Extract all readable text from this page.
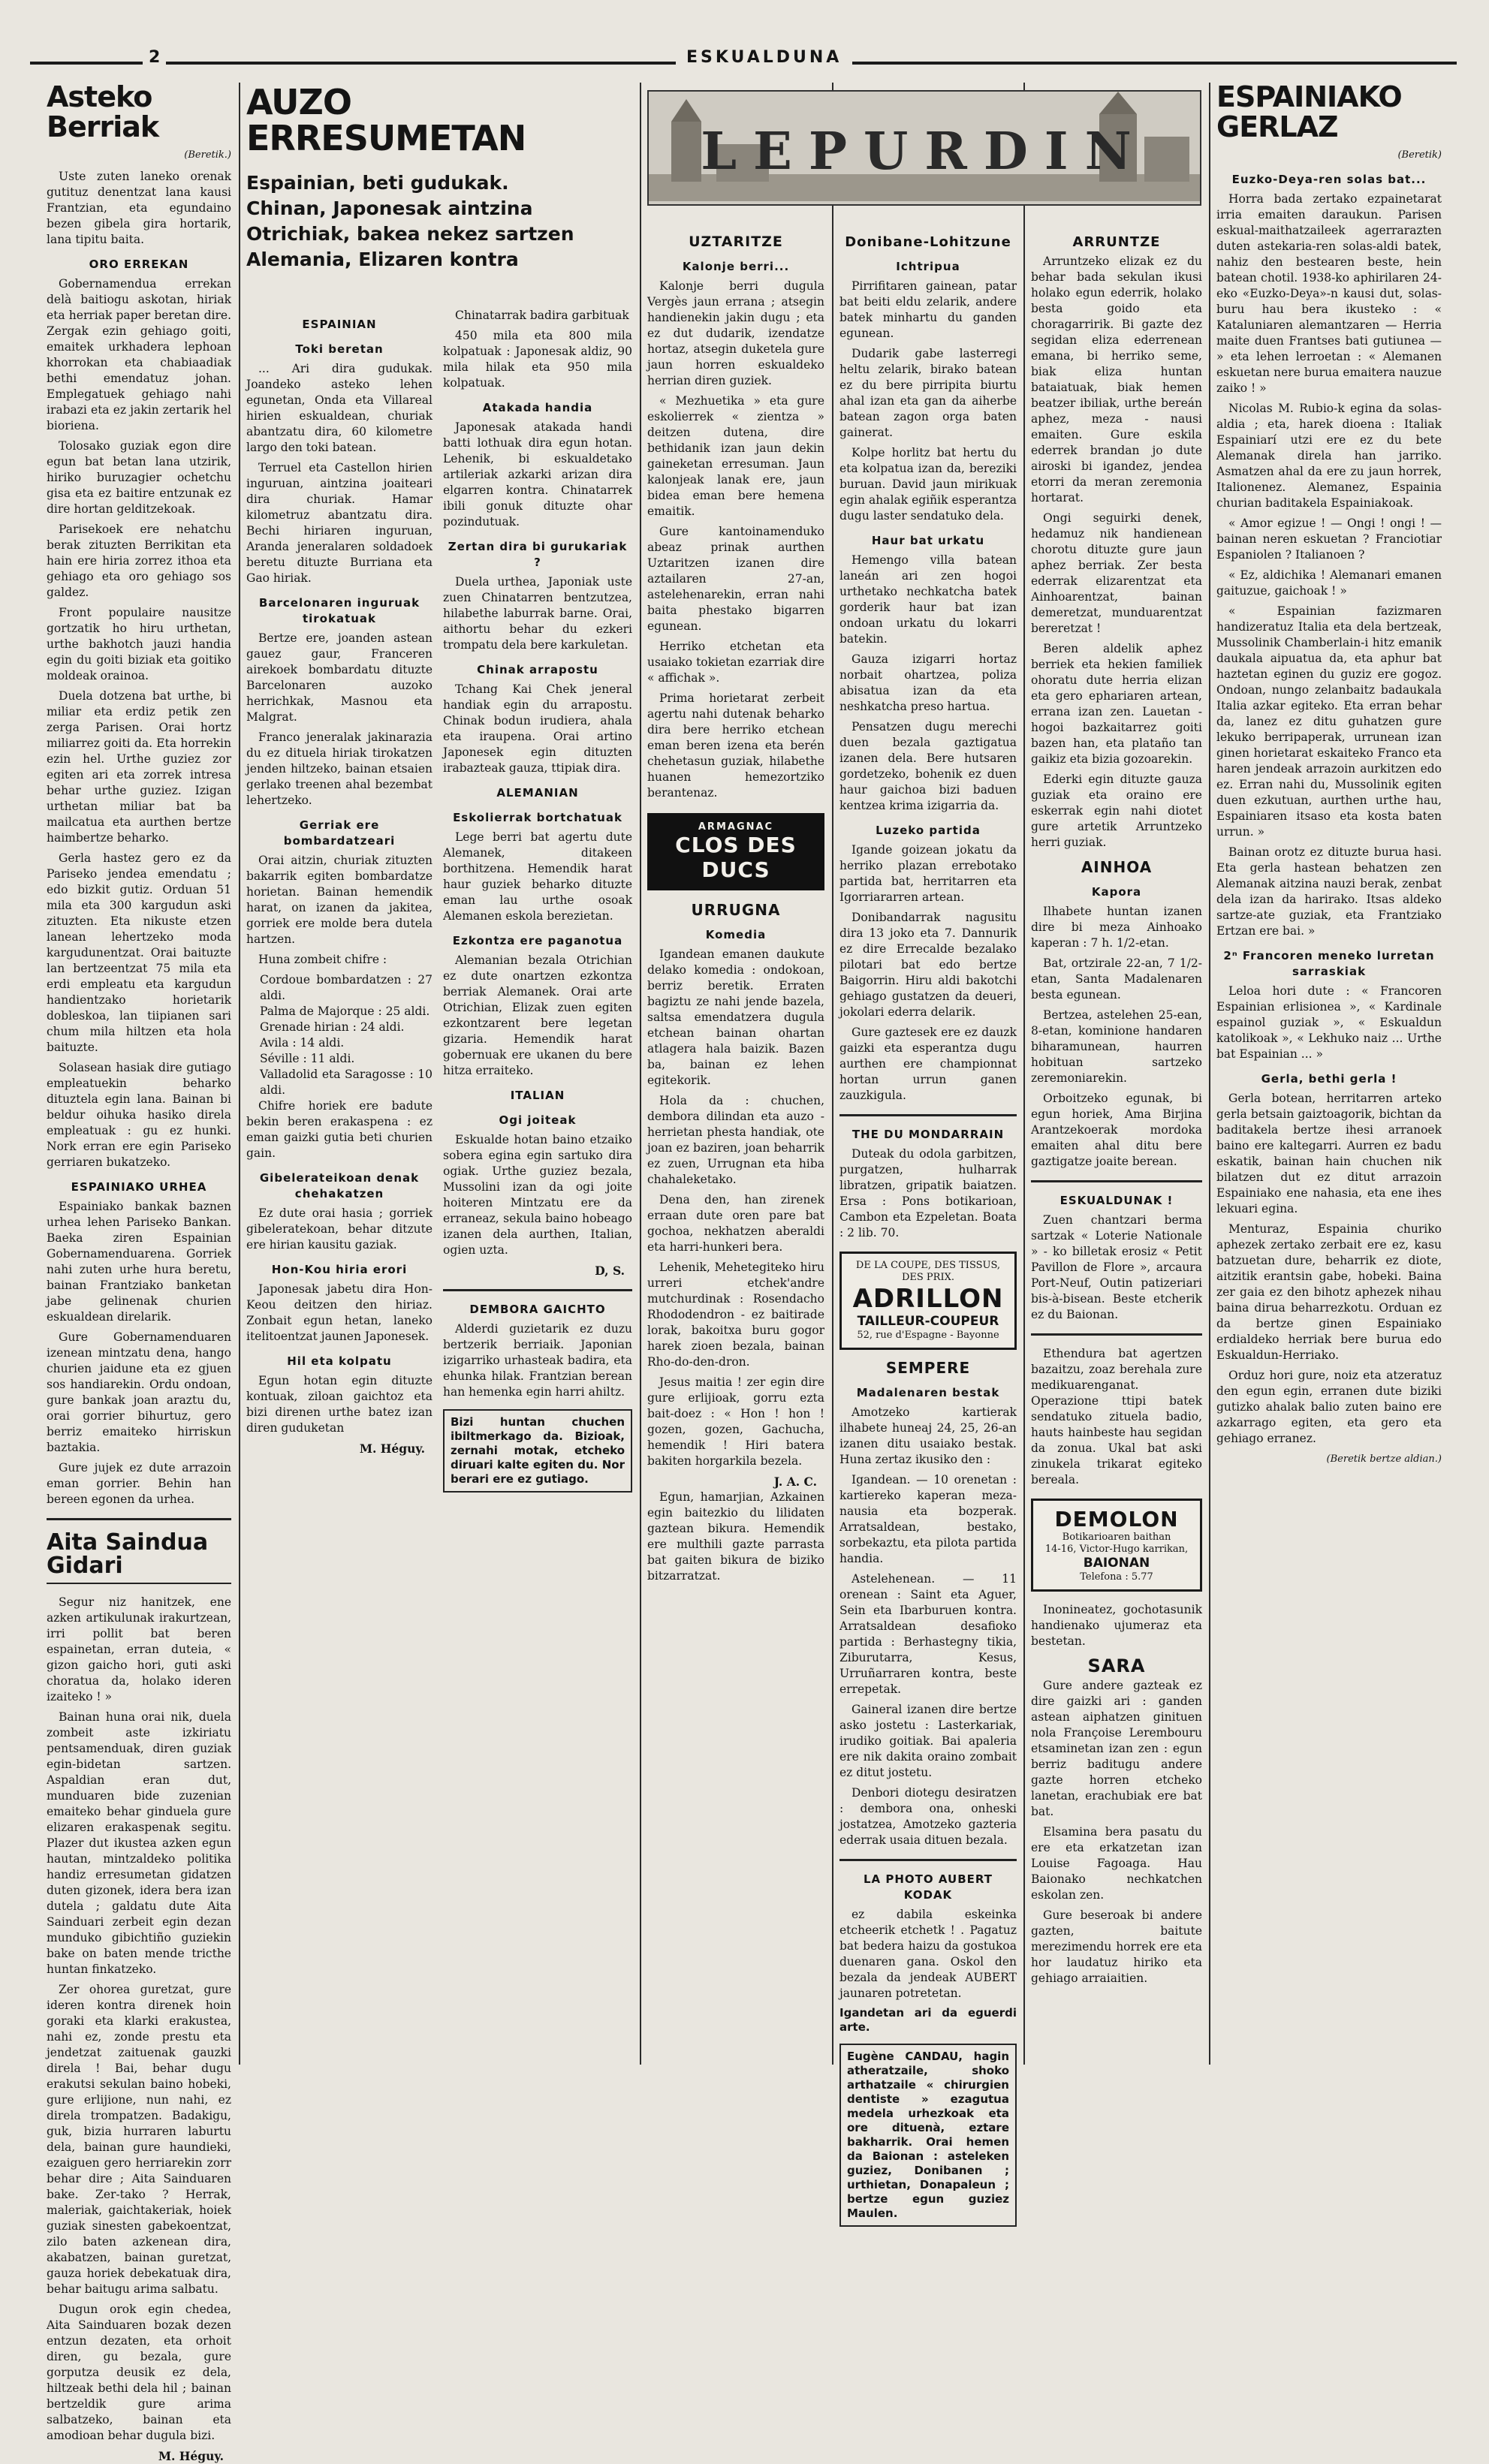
2	ESKUALDUNA
Asteko Berriak
(Beretik.)

Uste zuten laneko orenak gutituz denentzat lana kausi Frantzian, eta egundaino bezen gibela gira hortarik, lana tipitu baita.

ORO ERREKAN

Gobernamendua errekan delà baitiogu askotan, hiriak eta herriak paper beretan dire. Zergak ezin gehiago goiti, emaitek urkhadera lephoan khorrokan eta chabiaadiak bethi emendatuz johan. Emplegatuek gehiago nahi irabazi eta ez jakin zertarik hel bioriena.

Tolosako guziak egon dire egun bat betan lana utzirik, hiriko buruzagier ochetchu gisa eta ez baitire entzunak ez dire hortan gelditzekoak.

Parisekoek ere nehatchu berak zituzten Berrikitan eta hain ere hiria zorrez ithoa eta gehiago eta oro gehiago sos galdez.

Front populaire nausitze gortzatik ho hiru urthetan, urthe bakhotch jauzi handia egin du goiti biziak eta goitiko moldeak orainoa.

Duela dotzena bat urthe, bi miliar eta erdiz petik zen zerga Parisen. Orai hortz miliarrez goiti da. Eta horrekin ezin hel. Urthe guziez zor egiten ari eta zorrek intresa behar urthe guziez. Izigan urthetan miliar bat ba mailcatua eta aurthen bertze haimbertze beharko.

Gerla hastez gero ez da Pariseko jendea emendatu ; edo bizkit gutiz. Orduan 51 mila eta 300 kargudun aski zituzten. Eta nikuste etzen lanean lehertzeko moda kargudunentzat. Orai baituzte lan bertzeentzat 75 mila eta erdi empleatu eta kargudun handientzako horietarik dobleskoa, lan tiipianen sari chum mila hiltzen eta hola baituzte.

Solasean hasiak dire gutiago empleatuekin beharko dituztela egin lana. Bainan bi beldur oihuka hasiko direla empleatuak : gu ez hunki. Nork erran ere egin Pariseko gerriaren bukatzeko.

ESPAINIAKO URHEA

Espainiako bankak baznen urhea lehen Pariseko Bankan. Baeka ziren Espainian Gobernamenduarena. Gorriek nahi zuten urhe hura beretu, bainan Frantziako banketan jabe gelinenak churien eskualdean direlarik.

Gure Gobernamenduaren izenean mintzatu dena, hango churien jaidune eta ez gjuen sos handiarekin. Ordu ondoan, gure bankak joan araztu du, orai gorrier bihurtuz, gero berriz emaiteko hirriskun baztakia.

Gure jujek ez dute arrazoin eman gorrier. Behin han bereen egonen da urhea.

Aita Saindua Gidari

Segur niz hanitzek, ene azken artikulunak irakurtzean, irri pollit bat beren espainetan, erran duteia, « gizon gaicho hori, guti aski choratua da, holako ideren izaiteko ! »

Bainan huna orai nik, duela zombeit aste izkiriatu pentsamenduak, diren guziak egin-bidetan sartzen. Aspaldian eran dut, munduaren bide zuzenian emaiteko behar ginduela gure elizaren erakaspenak segitu. Plazer dut ikustea azken egun hautan, mintzaldeko politika handiz erresumetan gidatzen duten gizonek, idera bera izan dutela ; galdatu dute Aita Sainduari zerbeit egin dezan munduko gibichtiño guziekin bake on baten mende tricthe huntan finkatzeko.

Zer ohorea guretzat, gure ideren kontra direnek hoin goraki eta klarki erakustea, nahi ez, zonde prestu eta jendetzat zaituenak gauzki direla ! Bai, behar dugu erakutsi sekulan baino hobeki, gure erlijione, nun nahi, ez direla trompatzen. Badakigu, guk, bizia hurraren laburtu dela, bainan gure haundieki, ezaiguen gero herriarekin zorr behar dire ; Aita Sainduaren bake. Zer-tako ? Herrak, maleriak, gaichtakeriak, hoiek guziak sinesten gabekoentzat, zilo baten azkenean dira, akabatzen, bainan guretzat, gauza horiek debekatuak dira, behar baitugu arima salbatu.

Dugun orok egin chedea, Aita Sainduaren bozak dezen entzun dezaten, eta orhoit diren, gu bezala, gure gorputza deusik ez dela, hiltzeak bethi dela hil ; bainan bertzeldik gure arima salbatzeko, bainan eta amodioan behar dugula bizi.

M. Héguy.
AUZO ERRESUMETAN
Espainian, beti gudukak.
Chinan, Japonesak aintzina
Otrichiak, bakea nekez sartzen
Alemania, Elizaren kontra
ESPAINIAN
Toki beretan

... Ari dira gudukak. Joandeko asteko lehen egunetan, Onda eta Villareal hirien eskualdean, churiak abantzatu dira, 60 kilometre largo den toki batean.

Terruel eta Castellon hirien inguruan, aintzina joaiteari dira churiak. Hamar kilometruz abantzatu dira. Bechi hiriaren inguruan, Aranda jeneralaren soldadoek beretu dituzte Burriana eta Gao hiriak.

Barcelonaren inguruak tirokatuak

Bertze ere, joanden astean gauez gaur, Franceren airekoek bombardatu dituzte Barcelonaren auzoko herrichkak, Masnou eta Malgrat.

Franco jeneralak jakinarazia du ez dituela hiriak tirokatzen jenden hiltzeko, bainan etsaien gerlako treenen ahal bezembat lehertzeko.

Gerriak ere bombardatzeari

Orai aitzin, churiak zituzten bakarrik egiten bombardatze horietan. Bainan hemendik harat, on izanen da jakitea, gorriek ere molde bera dutela hartzen.

Huna zombeit chifre :

Cordoue bombardatzen : 27 aldi.
Palma de Majorque : 25 aldi.
Grenade hirian : 24 aldi.
Avila : 14 aldi.
Séville : 11 aldi.
Valladolid eta Saragosse : 10 aldi.

Chifre horiek ere badute bekin beren erakaspena : ez eman gaizki gutia beti churien gain.

Gibelerateikoan denak chehakatzen

Ez dute orai hasia ; gorriek gibeleratekoan, behar ditzute ere hirian kausitu gaziak.

Hon-Kou hiria erori

Japonesak jabetu dira Hon-Keou deitzen den hiriaz. Zonbait egun hetan, laneko itelitoentzat jaunen Japonesek.

Hil eta kolpatu

Egun hotan egin dituzte kontuak, ziloan gaichtoz eta bizi direnen urthe batez izan diren guduketan

M. Héguy.

Chinatarrak badira garbituak

450 mila eta 800 mila kolpatuak : Japonesak aldiz, 90 mila hilak eta 950 mila kolpatuak.

Atakada handia

Japonesak atakada handi batti lothuak dira egun hotan. Lehenik, bi eskualdetako artileriak azkarki arizan dira elgarren kontra. Chinatarrek ibili gonuk dituzte ohar pozindutuak.

Zertan dira bi gurukariak ?

Duela urthea, Japoniak uste zuen Chinatarren bentzutzea, hilabethe laburrak barne. Orai, aithortu behar du ezkeri trompatu dela bere karkuletan.

Chinak arrapostu

Tchang Kai Chek jeneral handiak egin du arrapostu. Chinak bodun irudiera, ahala eta iraupena. Orai artino Japonesek egin dituzten irabazteak gauza, ttipiak dira.

ALEMANIAN
Eskolierrak bortchatuak

Lege berri bat agertu dute Alemanek, ditakeen borthitzena. Hemendik harat haur guziek beharko dituzte eman lau urthe osoak Alemanen eskola berezietan.

Ezkontza ere paganotua

Alemanian bezala Otrichian ez dute onartzen ezkontza berriak Alemanek. Orai arte Otrichian, Elizak zuen egiten ezkontzarent bere legetan gizaria. Hemendik harat gobernuak ere ukanen du bere hitza erraiteko.

ITALIAN
Ogi joiteak

Eskualde hotan baino etzaiko sobera egina egin sartuko dira ogiak. Urthe guziez bezala, Mussolini izan da ogi joite hoiteren Mintzatu ere da erraneaz, sekula baino hobeago izanen dela aurthen, Italian, ogien uzta.

D, S.
DEMBORA GAICHTO

Alderdi guzietarik ez duzu bertzerik berriaik. Japonian izigarriko urhasteak badira, eta ehunka hilak. Frantzian berean han hemenka egin harri ahiltz.

Bizi huntan chuchen ibiltmerkago da. Bizioak, zernahi motak, etcheko diruari kalte egiten du. Nor berari ere ez gutiago.
LEPURDIN
UZTARITZE
Kalonje berri...

Kalonje berri dugula Vergès jaun errana ; atsegin handienekin jakin dugu ; eta ez dut dudarik, izendatze hortaz, atsegin duketela gure jaun horren eskualdeko herrian diren guziek.

« Mezhuetika » eta gure eskolierrek « zientza » deitzen dutena, dire bethidanik izan jaun dekin gaineketan erresuman. Jaun kalonjeak lanak ere, jaun bidea eman bere hemena emaitik.

Gure kantoinamenduko abeaz prinak aurthen Uztaritzen izanen dire aztailaren 27-an, astelehenarekin, erran nahi baita phestako bigarren egunean.

Herriko etchetan eta usaiako tokietan ezarriak dire « affichak ».

Prima horietarat zerbeit agertu nahi dutenak beharko dira bere herriko etchean eman beren izena eta berén chehetasun guziak, hilabethe huanen hemezortziko berantenaz.

ARMAGNAC
CLOS DES DUCS
URRUGNA
Komedia

Igandean emanen daukute delako komedia : ondokoan, berriz beretik. Erraten bagiztu ze nahi jende bazela, saltsa emendatzera dugula etchean bainan ohartan atlagera hala baizik. Bazen ba, bainan ez lehen egitekorik.

Hola da : chuchen, dembora dilindan eta auzo - herrietan phesta handiak, ote joan ez baziren, joan beharrik ez zuen, Urrugnan eta hiba chahaleketako.

Dena den, han zirenek erraan dute oren pare bat gochoa, nekhatzen aberaldi eta harri-hunkeri bera.

Lehenik, Mehetegiteko hiru urreri etchek'andre mutchurdinak : Rosendacho Rhododendron - ez baitirade lorak, bakoitxa buru gogor harek zioen bezala, bainan Rho-do-den-dron.

Jesus maitia ! zer egin dire gure erlijioak, gorru ezta bait-doez : « Hon ! hon ! gozen, gozen, Gachucha, hemendik ! Hiri batera bakiten horgarkila bezela.

J. A. C.

Egun, hamarjian, Azkainen egin baitezkio du lilidaten gaztean bikura. Hemendik ere multhili gazte parrasta bat gaiten bikura de biziko bitzarratzat.

Donibane-Lohitzune
Ichtripua

Pirrifitaren gainean, patar bat beiti eldu zelarik, andere batek minhartu du ganden egunean.

Dudarik gabe lasterregi heltu zelarik, birako batean ez du bere pirripita biurtu ahal izan eta gan da aiherbe batean zagon orga baten gainerat.

Kolpe horlitz bat hertu du eta kolpatua izan da, bereziki buruan. David jaun mirikuak egin ahalak egiñik esperantza dugu laster sendatuko dela.

Haur bat urkatu

Hemengo villa batean laneán ari zen hogoi urthetako nechkatcha batek gorderik haur bat izan ondoan urkatu du lokarri batekin.

Gauza izigarri hortaz norbait ohartzea, poliza abisatua izan da eta neshkatcha preso hartua.

Pensatzen dugu merechi duen bezala gaztigatua izanen dela. Bere hutsaren gordetzeko, bohenik ez duen haur gaichoa bizi baduen kentzea krima izigarria da.

Luzeko partida

Igande goizean jokatu da herriko plazan errebotako partida bat, herritarren eta Igorriararren artean.

Donibandarrak nagusitu dira 13 joko eta 7. Dannurik ez dire Errecalde bezalako pilotari bat edo bertze Baigorrin. Hiru aldi bakotchi gehiago gustatzen da deueri, jokolari ederra delarik.

Gure gaztesek ere ez dauzk gaizki eta esperantza dugu aurthen ere championnat hortan urrun ganen zauzkigula.

THE DU MONDARRAIN

Duteak du odola garbitzen, purgatzen, hulharrak libratzen, gripatik baiatzen. Ersa : Pons botikarioan, Cambon eta Ezpeletan. Boata : 2 lib. 70.

DE LA COUPE, DES TISSUS, DES PRIX.
ADRILLON
TAILLEUR-COUPEUR
52, rue d'Espagne - Bayonne
SEMPERE
Madalenaren bestak

Amotzeko kartierak ilhabete huneaj 24, 25, 26-an izanen ditu usaiako bestak. Huna zertaz ikusiko den :

Igandean. — 10 orenetan : kartiereko kaperan meza-nausia eta bozperak. Arratsaldean, bestako, sorbekaztu, eta pilota partida handia.

Astelehenean. — 11 orenean : Saint eta Aguer, Sein eta Ibarburuen kontra. Arratsaldean desafioko partida : Berhastegny tikia, Ziburutarra, Kesus, Urruñarraren kontra, beste errepetak.

Gaineral izanen dire bertze asko jostetu : Lasterkariak, irudiko goitiak. Bai apaleria ere nik dakita oraino zombait ez ditut jostetu.

Denbori diotegu desiratzen : dembora ona, onheski jostatzea, Amotzeko gazteria ederrak usaia dituen bezala.

LA PHOTO AUBERT KODAK

ez dabila eskeinka etcheerik etchetk ! . Pagatuz bat bedera haizu da gostukoa duenaren gana. Oskol den bezala da jendeak AUBERT jaunaren potretetan.

Igandetan ari da eguerdi arte.
Eugène CANDAU, hagin atheratzaile, shoko arthatzaile « chirurgien dentiste » ezagutua medela urhezkoak eta ore dituenà, eztare bakharrik. Orai hemen da Baionan : asteleken guziez, Donibanen ; urthietan, Donapaleun ; bertze egun guziez Maulen.
ARRUNTZE

Arruntzeko elizak ez du behar bada sekulan ikusi holako egun ederrik, holako besta goido eta choragarririk. Bi gazte dez segidan eliza ederrenean emana, bi herriko seme, biak eliza huntan bataiatuak, biak hemen beatzer ibiliak, urthe bereán aphez, meza - nausi emaiten. Gure eskila ederrek brandan jo dute airoski bi igandez, jendea etorri da meran zeremonia hortarat.

Ongi seguirki denek, hedamuz nik handienean chorotu dituzte gure jaun aphez berriak. Zer besta ederrak elizarentzat eta Ainhoarentzat, bainan demeretzat, munduarentzat bereretzat !

Beren aldelik aphez berriek eta hekien familiek ohoratu dute herria elizan eta gero ephariaren artean, errana izan zen. Lauetan - hogoi bazkaitarrez goiti bazen han, eta plataño tan gaikiz eta bizia gozoarekin.

Ederki egin dituzte gauza guziak eta oraino ere eskerrak egin nahi diotet gure artetik Arruntzeko herri guziak.

AINHOA
Kapora

Ilhabete huntan izanen dire bi meza Ainhoako kaperan : 7 h. 1/2-etan.

Bat, ortzirale 22-an, 7 1/2-etan, Santa Madalenaren besta egunean.

Bertzea, astelehen 25-ean, 8-etan, kominione handaren biharamunean, haurren hobituan sartzeko zeremoniarekin.

Orboitzeko egunak, bi egun horiek, Ama Birjina Arantzekoerak mordoka emaiten ahal ditu bere gaztigatze joaite berean.

ESKUALDUNAK !

Zuen chantzari berma sartzak « Loterie Nationale » - ko billetak erosiz « Petit Pavillon de Flore », arcaura Port-Neuf, Outin patizeriari bis-à-bisean. Beste etcherik ez du Baionan.

Ethendura bat agertzen bazaitzu, zoaz berehala zure medikuarenganat. Operazione ttipi batek sendatuko zituela badio, hauts hainbeste hau segidan da zonua. Ukal bat aski zinukela trikarat egiteko bereala.

DEMOLON
Botikarioaren baithan
14-16, Victor-Hugo karrikan,
BAIONAN
Telefona : 5.77

Inonineatez, gochotasunik handienako ujumeraz eta bestetan.

SARA

Gure andere gazteak ez dire gaizki ari : ganden astean aiphatzen ginituen nola Françoise Lerembouru etsaminetan izan zen : egun berriz baditugu andere gazte horren etcheko lanetan, erachubiak ere bat bat.

Elsamina bera pasatu du ere eta erkatzetan izan Louise Fagoaga. Hau Baionako nechkatchen eskolan zen.

Gure beseroak bi andere gazten, baitute merezimendu horrek ere eta hor laudatuz hiriko eta gehiago arraiaitien.

ESPAINIAKO GERLAZ
(Beretik)
Euzko-Deya-ren solas bat...

Horra bada zertako ezpainetarat irria emaiten daraukun. Parisen eskual-maithatzaileek agerrarazten duten astekaria-ren solas-aldi batek, nahiz den bestearen beste, hein batean chotil. 1938-ko aphirilaren 24-eko «Euzko-Deya»-n kausi dut, solas-buru hau bera ikusteko : « Kataluniaren alemantzaren — Herria maite duen Frantses bati gutiunea — » eta lehen lerroetan : « Alemanen eskuetan nere burua emaitera nauzue zaiko ! »

Nicolas M. Rubio-k egina da solas-aldia ; eta, harek dioena : Italiak Espainiarí utzi ere ez du bete Alemanak direla han jarriko. Asmatzen ahal da ere zu jaun horrek, Italionenez. Alemanez, Espainia churian baditakela Espainiakoak.

« Amor egizue ! — Ongi ! ongi ! — bainan neren eskuetan ? Franciotiar Espaniolen ? Italianoen ?

« Ez, aldichika ! Alemanari emanen gaituzue, gaichoak ! »

« Espainian fazizmaren handizeratuz Italia eta dela bertzeak, Mussolinik Chamberlain-i hitz emanik daukala aipuatua da, eta aphur bat haztetan eginen du guziz ere gogoz. Ondoan, nungo zelanbaitz badaukala Italia azkar egiteko. Eta erran behar da, lanez ez ditu guhatzen gure lekuko berripaperak, urrunean izan ginen horietarat eskaiteko Franco eta haren jendeak arrazoin aurkitzen edo ez. Erran nahi du, Mussolinik egiten duen ezkutuan, aurthen urthe hau, Espainiaren itsaso eta kosta baten urrun. »

Bainan orotz ez dituzte burua hasi. Eta gerla hastean behatzen zen Alemanak aitzina nauzi berak, zenbat dela izan da harirako. Itsas aldeko sartze-ate guziak, eta Frantziako Ertzan ere bai. »

2ⁿ Francoren meneko lurretan sarraskiak

Leloa hori dute : « Francoren Espainian erlisionea », « Kardinale espainol guziak », « Eskualdun katolikoak », « Lekhuko naiz ... Urthe bat Espainian ... »

Gerla, bethi gerla !

Gerla botean, herritarren arteko gerla betsain gaiztoagorik, bichtan da baditakela bertze ihesi arranoek baino ere kaltegarri. Aurren ez badu eskatik, bainan hain chuchen nik bilatzen dut ez ditut arrazoin Espainiako ene nahasia, eta ene ihes lekuari egina.

Menturaz, Espainia churiko aphezek zertako zerbait ere ez, kasu batzuetan dure, beharrik ez diote, aitzitik erantsin gabe, hobeki. Baina zer gaia ez den bihotz aphezek nihau baina dirua beharrezkotu. Orduan ez da bertze ginen Espainiako erdialdeko herriak bere burua edo Eskualdun-Herriako.

Orduz hori gure, noiz eta atzeratuz den egun egin, erranen dute biziki gutizko ahalak balio zuten baino ere azkarrago egiten, eta gero eta gehiago erranez.

(Beretik bertze aldian.)
